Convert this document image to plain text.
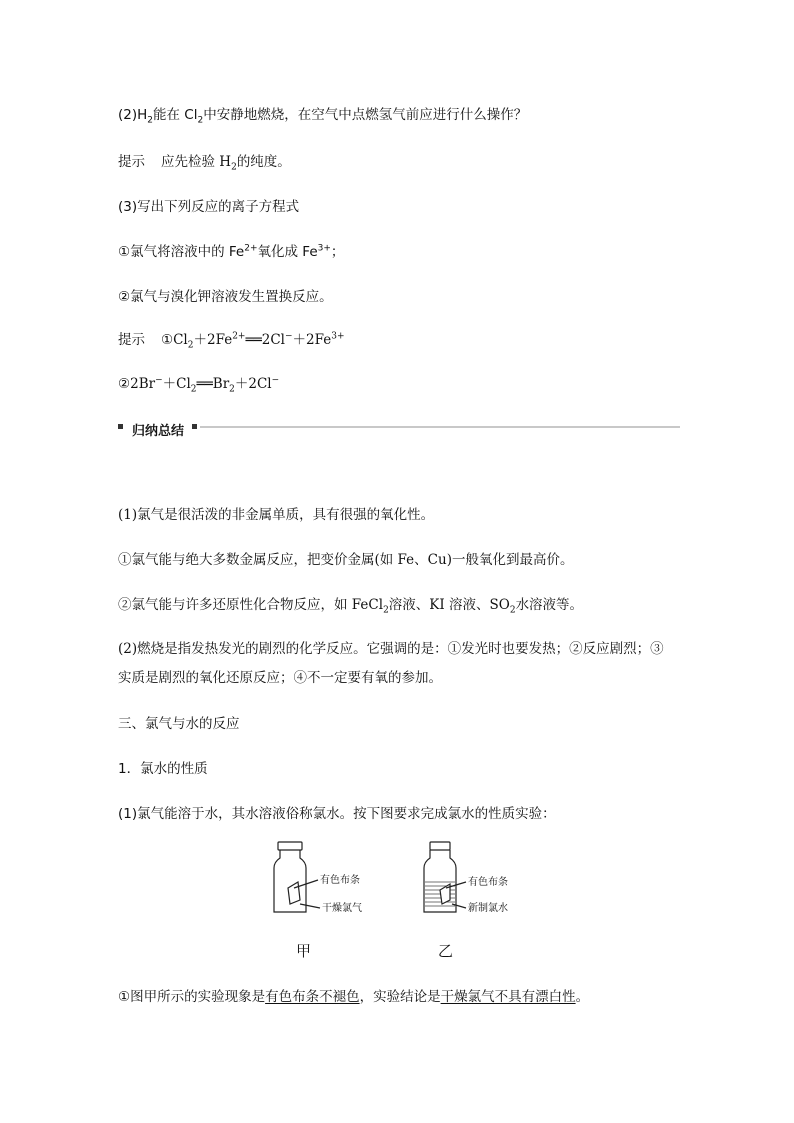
$(2)H_2$能在 $Cl_2$中安静地燃烧，在空气中点燃氢气前应进行什么操作？
提示 应先检验 $H_2$的纯度。
(3)写出下列反应的离子方程式
①氯气将溶液中的 $Fe^{2+}$氧化成 $Fe^{3+}$；
②氯气与溴化钾溶液发生置换反应。
提示 $①Cl_2+2Fe^{2+}══2Cl^-+2Fe^{3+}$
$②2Br^-+Cl_2══Br_2+2Cl^-$
归纳总结
(1)氯气是很活泼的非金属单质，具有很强的氧化性。
①氯气能与绝大多数金属反应，把变价金属(如 Fe、Cu)一般氧化到最高价。
②氯气能与许多还原性化合物反应，如 FeCl$_2$溶液、KI 溶液、$SO_2$水溶液等。
(2)燃烧是指发热发光的剧烈的化学反应。它强调的是：①发光时也要发热；②反应剧烈；③
实质是剧烈的氧化还原反应；④不一定要有氧的参加。
三、氯气与水的反应
1．氯水的性质
(1)氯气能溶于水，其水溶液俗称氯水。按下图要求完成氯水的性质实验：
有色布条
干燥氯气
有色布条
新制氯水
甲	乙
①图甲所示的实验现象是有色布条不褪色，实验结论是干燥氯气不具有漂白性。
